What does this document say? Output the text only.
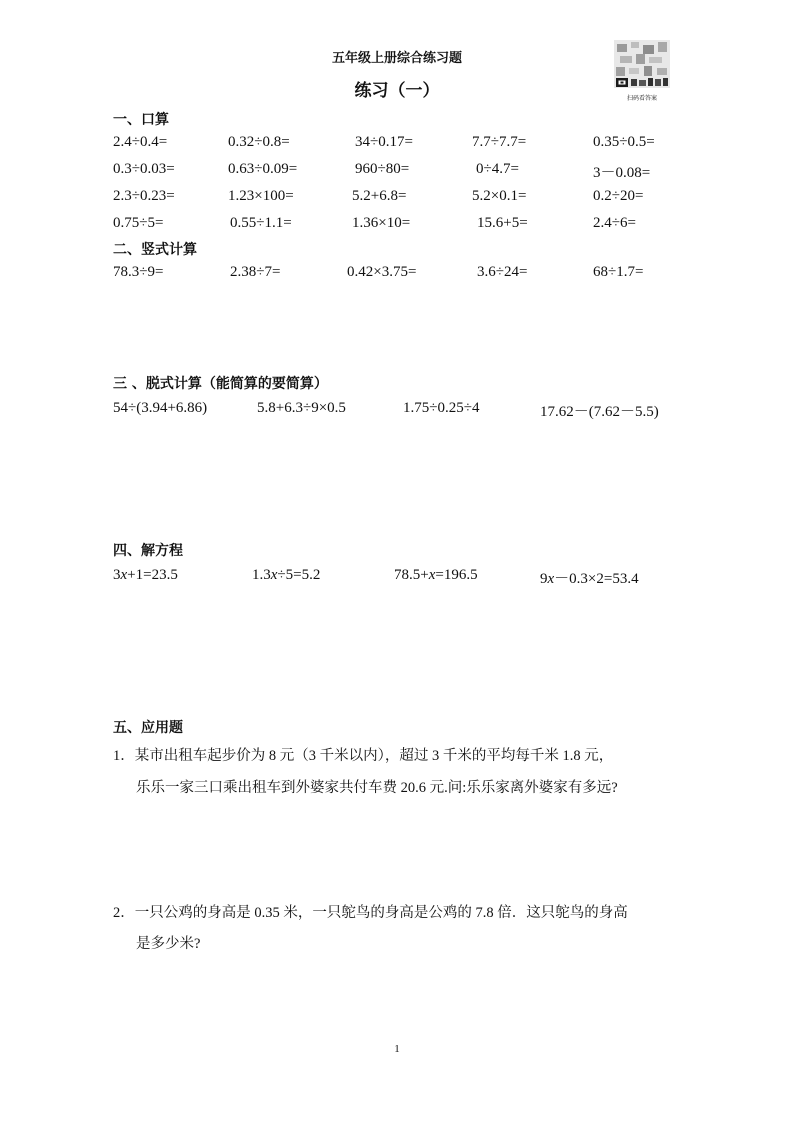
五年级上册综合练习题
练习（一）	扫码看答案
一、口算
2.4÷0.4=	0.32÷0.8=	34÷0.17=	7.7÷7.7=	0.35÷0.5=
0.3÷0.03=	0.63÷0.09=	960÷80=	0÷4.7=	3－0.08=
2.3÷0.23=	1.23×100=	5.2+6.8=	5.2×0.1=	0.2÷20=
0.75÷5=	0.55÷1.1=	1.36×10=	15.6+5=	2.4÷6=
二、竖式计算
78.3÷9=	2.38÷7=	0.42×3.75=	3.6÷24=	68÷1.7=
三 、脱式计算（能简算的要简算）
54÷(3.94+6.86)	5.8+6.3÷9×0.5	1.75÷0.25÷4	17.62－(7.62－5.5)
四、解方程
3x+1=23.5	1.3x÷5=5.2	78.5+x=196.5	9x－0.3×2=53.4
五、应用题
1．某市出租车起步价为 8 元（3 千米以内），超过 3 千米的平均每千米 1.8 元，
乐乐一家三口乘出租车到外婆家共付车费 20.6 元.问:乐乐家离外婆家有多远?
2．一只公鸡的身高是 0.35 米，一只鸵鸟的身高是公鸡的 7.8 倍．这只鸵鸟的身高
是多少米?
1
